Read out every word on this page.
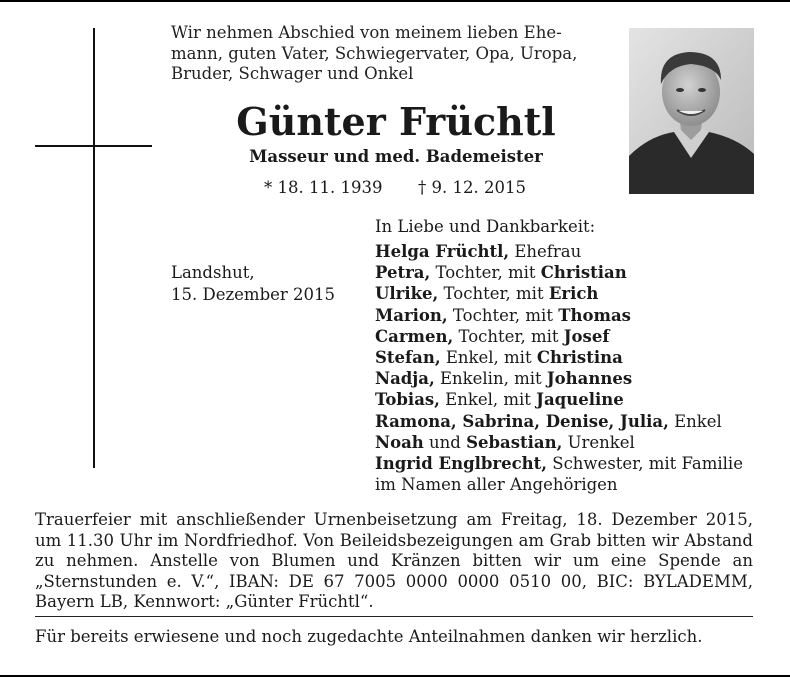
Wir nehmen Abschied von meinem lieben Ehe-
mann, guten Vater, Schwiegervater, Opa, Uropa,
Bruder, Schwager und Onkel
Günter Früchtl
Masseur und med. Bademeister
* 18. 11. 1939 † 9. 12. 2015
In Liebe und Dankbarkeit:
Landshut,
15. Dezember 2015
Helga Früchtl, Ehefrau
Petra, Tochter, mit Christian
Ulrike, Tochter, mit Erich
Marion, Tochter, mit Thomas
Carmen, Tochter, mit Josef
Stefan, Enkel, mit Christina
Nadja, Enkelin, mit Johannes
Tobias, Enkel, mit Jaqueline
Ramona, Sabrina, Denise, Julia, Enkel
Noah und Sebastian, Urenkel
Ingrid Englbrecht, Schwester, mit Familie
im Namen aller Angehörigen
Trauerfeier mit anschließender Urnenbeisetzung am Freitag, 18. Dezember 2015, um 11.30 Uhr im Nordfriedhof. Von Beileidsbezeigungen am Grab bitten wir Abstand zu nehmen. Anstelle von Blumen und Kränzen bitten wir um eine Spende an „Sternstunden e. V.“, IBAN: DE 67 7005 0000 0000 0510 00, BIC: BYLADEMM, Bayern LB, Kennwort: „Günter Früchtl“.
Für bereits erwiesene und noch zugedachte Anteilnahmen danken wir herzlich.
